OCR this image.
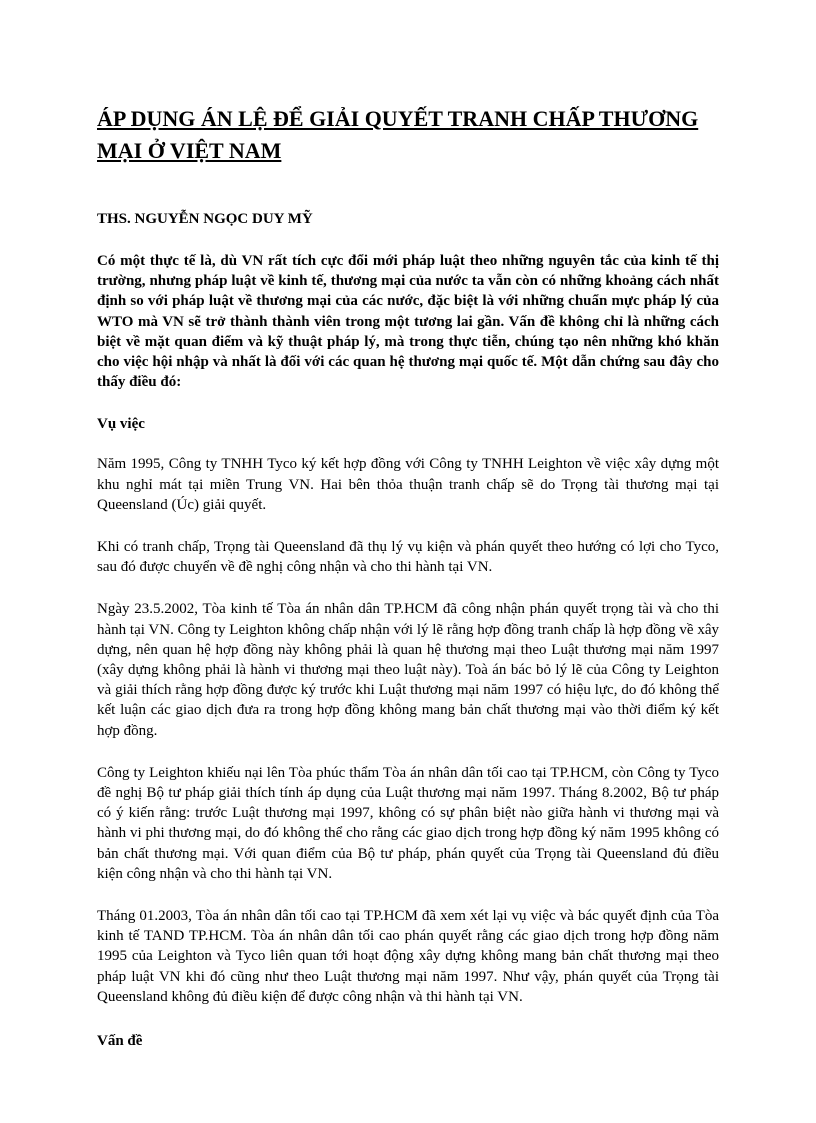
ÁP DỤNG ÁN LỆ ĐỂ GIẢI QUYẾT TRANH CHẤP THƯƠNG MẠI Ở VIỆT NAM

THS. NGUYỄN NGỌC DUY MỸ

Có một thực tế là, dù VN rất tích cực đổi mới pháp luật theo những nguyên tắc của kinh tế thị trường, nhưng pháp luật về kinh tế, thương mại của nước ta vẫn còn có những khoảng cách nhất định so với pháp luật về thương mại của các nước, đặc biệt là với những chuẩn mực pháp lý của WTO mà VN sẽ trở thành thành viên trong một tương lai gần. Vấn đề không chỉ là những cách biệt về mặt quan điểm và kỹ thuật pháp lý, mà trong thực tiễn, chúng tạo nên những khó khăn cho việc hội nhập và nhất là đối với các quan hệ thương mại quốc tế. Một dẫn chứng sau đây cho thấy điều đó:

Vụ việc

Năm 1995, Công ty TNHH Tyco ký kết hợp đồng với Công ty TNHH Leighton về việc xây dựng một khu nghỉ mát tại miền Trung VN. Hai bên thỏa thuận tranh chấp sẽ do Trọng tài thương mại tại Queensland (Úc) giải quyết.

Khi có tranh chấp, Trọng tài Queensland đã thụ lý vụ kiện và phán quyết theo hướng có lợi cho Tyco, sau đó được chuyển về đề nghị công nhận và cho thi hành tại VN.

Ngày 23.5.2002, Tòa kinh tế Tòa án nhân dân TP.HCM đã công nhận phán quyết trọng tài và cho thi hành tại VN. Công ty Leighton không chấp nhận với lý lẽ rằng hợp đồng tranh chấp là hợp đồng về xây dựng, nên quan hệ hợp đồng này không phải là quan hệ thương mại theo Luật thương mại năm 1997 (xây dựng không phải là hành vi thương mại theo luật này). Toà án bác bỏ lý lẽ của Công ty Leighton và giải thích rằng hợp đồng được ký trước khi Luật thương mại năm 1997 có hiệu lực, do đó không thể kết luận các giao dịch đưa ra trong hợp đồng không mang bản chất thương mại vào thời điểm ký kết hợp đồng.

Công ty Leighton khiếu nại lên Tòa phúc thẩm Tòa án nhân dân tối cao tại TP.HCM, còn Công ty Tyco đề nghị Bộ tư pháp giải thích tính áp dụng của Luật thương mại năm 1997. Tháng 8.2002, Bộ tư pháp có ý kiến rằng: trước Luật thương mại 1997, không có sự phân biệt nào giữa hành vi thương mại và hành vi phi thương mại, do đó không thể cho rằng các giao dịch trong hợp đồng ký năm 1995 không có bản chất thương mại. Với quan điểm của Bộ tư pháp, phán quyết của Trọng tài Queensland đủ điều kiện công nhận và cho thi hành tại VN.

Tháng 01.2003, Tòa án nhân dân tối cao tại TP.HCM đã xem xét lại vụ việc và bác quyết định của Tòa kinh tế TAND TP.HCM. Tòa án nhân dân tối cao phán quyết rằng các giao dịch trong hợp đồng năm 1995 của Leighton và Tyco liên quan tới hoạt động xây dựng không mang bản chất thương mại theo pháp luật VN khi đó cũng như theo Luật thương mại năm 1997. Như vậy, phán quyết của Trọng tài Queensland không đủ điều kiện để được công nhận và thi hành tại VN.

Vấn đề
